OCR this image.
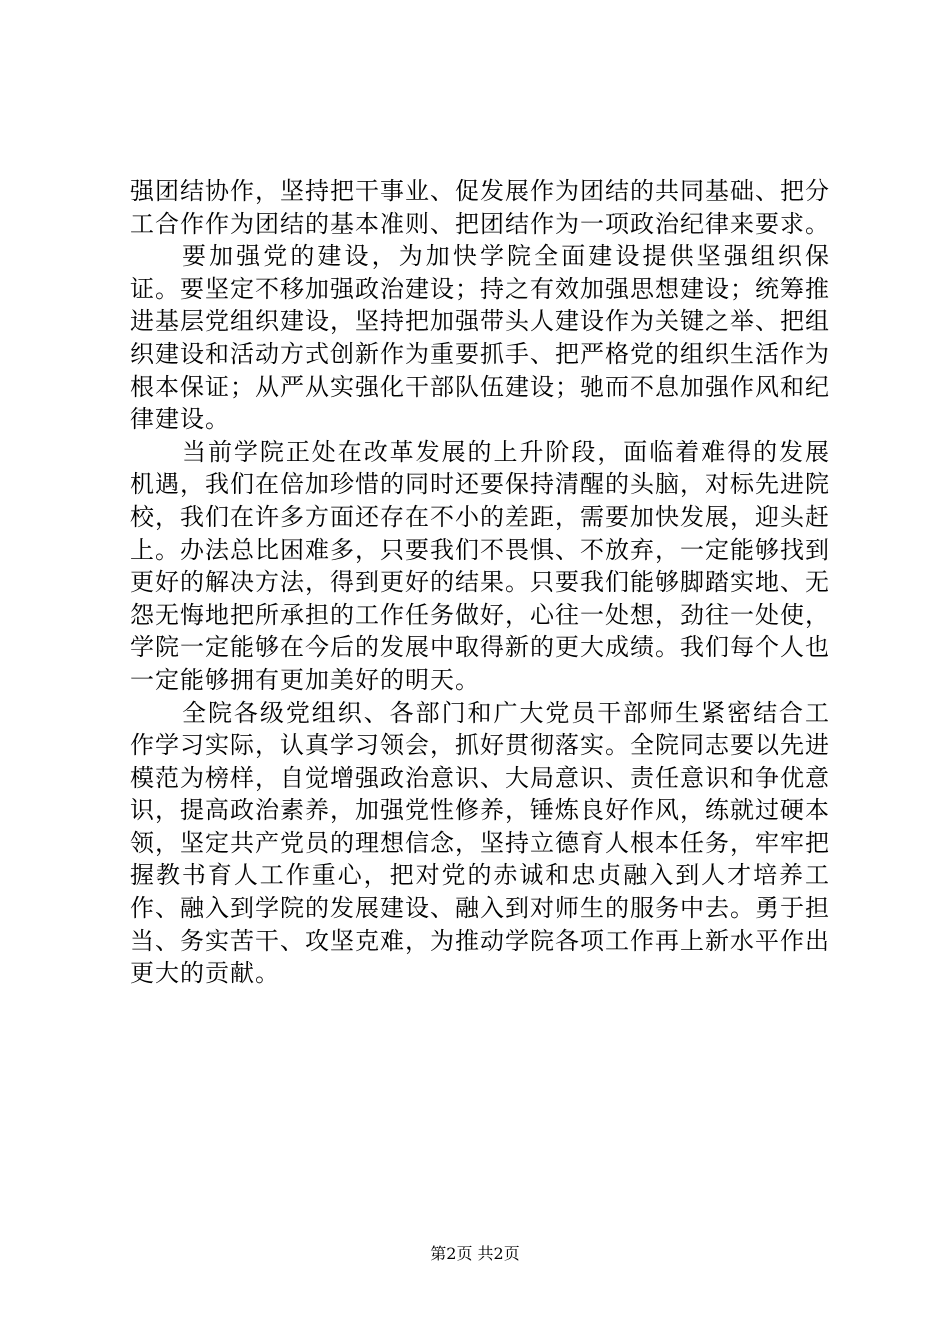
强团结协作，坚持把干事业、促发展作为团结的共同基础、把分工合作作为团结的基本准则、把团结作为一项政治纪律来要求。

要加强党的建设，为加快学院全面建设提供坚强组织保证。要坚定不移加强政治建设；持之有效加强思想建设；统筹推进基层党组织建设，坚持把加强带头人建设作为关键之举、把组织建设和活动方式创新作为重要抓手、把严格党的组织生活作为根本保证；从严从实强化干部队伍建设；驰而不息加强作风和纪律建设。

当前学院正处在改革发展的上升阶段，面临着难得的发展机遇，我们在倍加珍惜的同时还要保持清醒的头脑，对标先进院校，我们在许多方面还存在不小的差距，需要加快发展，迎头赶上。办法总比困难多，只要我们不畏惧、不放弃，一定能够找到更好的解决方法，得到更好的结果。只要我们能够脚踏实地、无怨无悔地把所承担的工作任务做好，心往一处想，劲往一处使，学院一定能够在今后的发展中取得新的更大成绩。我们每个人也一定能够拥有更加美好的明天。

全院各级党组织、各部门和广大党员干部师生紧密结合工作学习实际，认真学习领会，抓好贯彻落实。全院同志要以先进模范为榜样，自觉增强政治意识、大局意识、责任意识和争优意识，提高政治素养，加强党性修养，锤炼良好作风，练就过硬本领，坚定共产党员的理想信念，坚持立德育人根本任务，牢牢把握教书育人工作重心，把对党的赤诚和忠贞融入到人才培养工作、融入到学院的发展建设、融入到对师生的服务中去。勇于担当、务实苦干、攻坚克难，为推动学院各项工作再上新水平作出更大的贡献。

第2页 共2页
